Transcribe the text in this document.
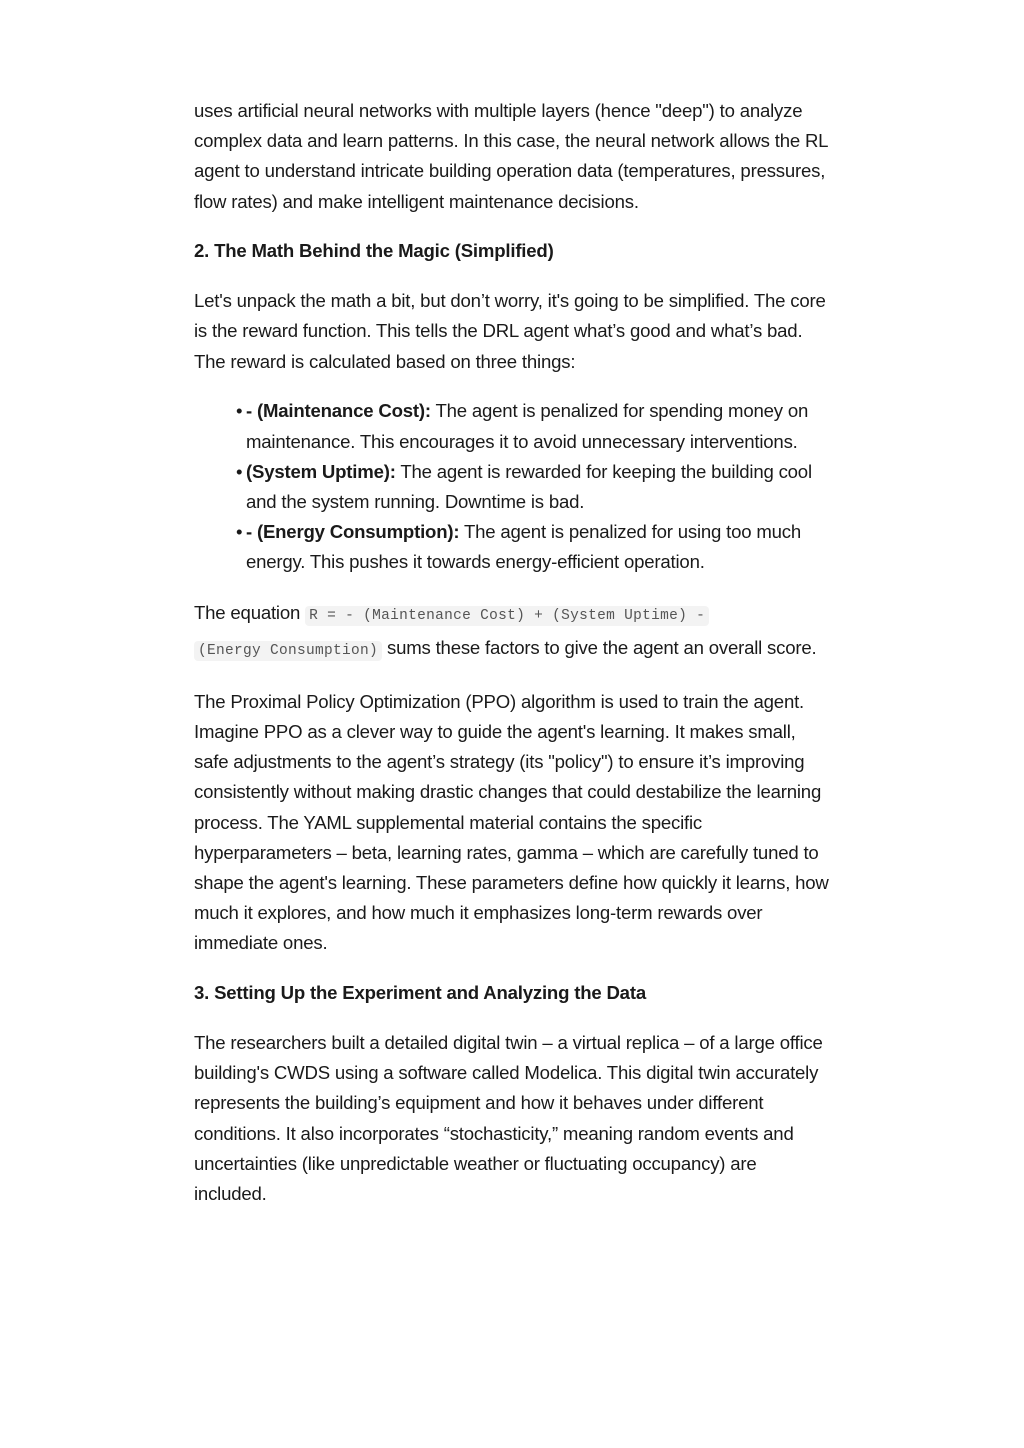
uses artificial neural networks with multiple layers (hence "deep") to analyze complex data and learn patterns. In this case, the neural network allows the RL agent to understand intricate building operation data (temperatures, pressures, flow rates) and make intelligent maintenance decisions.

2. The Math Behind the Magic (Simplified)

Let's unpack the math a bit, but don’t worry, it's going to be simplified. The core is the reward function. This tells the DRL agent what’s good and what’s bad. The reward is calculated based on three things:

• - (Maintenance Cost): The agent is penalized for spending money on maintenance. This encourages it to avoid unnecessary interventions.
• (System Uptime): The agent is rewarded for keeping the building cool and the system running. Downtime is bad.
• - (Energy Consumption): The agent is penalized for using too much energy. This pushes it towards energy-efficient operation.

The equation R = - (Maintenance Cost) + (System Uptime) -
(Energy Consumption) sums these factors to give the agent an overall score.

The Proximal Policy Optimization (PPO) algorithm is used to train the agent. Imagine PPO as a clever way to guide the agent's learning. It makes small, safe adjustments to the agent’s strategy (its "policy") to ensure it’s improving consistently without making drastic changes that could destabilize the learning process. The YAML supplemental material contains the specific hyperparameters – beta, learning rates, gamma – which are carefully tuned to shape the agent's learning. These parameters define how quickly it learns, how much it explores, and how much it emphasizes long-term rewards over immediate ones.

3. Setting Up the Experiment and Analyzing the Data

The researchers built a detailed digital twin – a virtual replica – of a large office building's CWDS using a software called Modelica. This digital twin accurately represents the building’s equipment and how it behaves under different conditions. It also incorporates “stochasticity,” meaning random events and uncertainties (like unpredictable weather or fluctuating occupancy) are included.
